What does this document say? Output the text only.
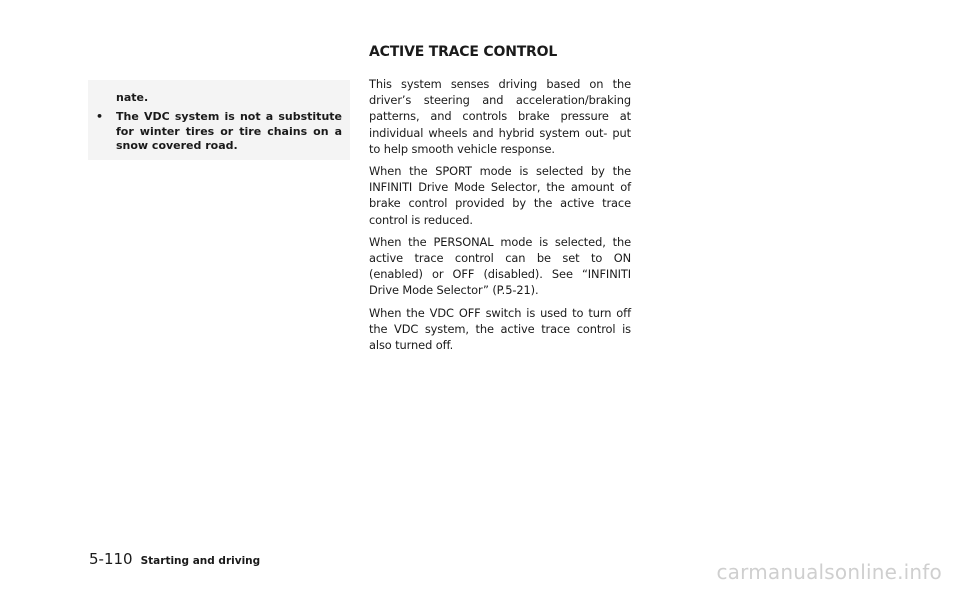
nate.
•	The VDC system is not a substitute for winter tires or tire chains on a snow covered road.
ACTIVE TRACE CONTROL

This system senses driving based on the driver’s steering and acceleration/braking patterns, and controls brake pressure at individual wheels and hybrid system out- put to help smooth vehicle response.

When the SPORT mode is selected by the INFINITI Drive Mode Selector, the amount of brake control provided by the active trace control is reduced.

When the PERSONAL mode is selected, the active trace control can be set to ON (enabled) or OFF (disabled). See “INFINITI Drive Mode Selector” (P.5-21).

When the VDC OFF switch is used to turn off the VDC system, the active trace control is also turned off.

5-110 Starting and driving	carmanualsonline.info
